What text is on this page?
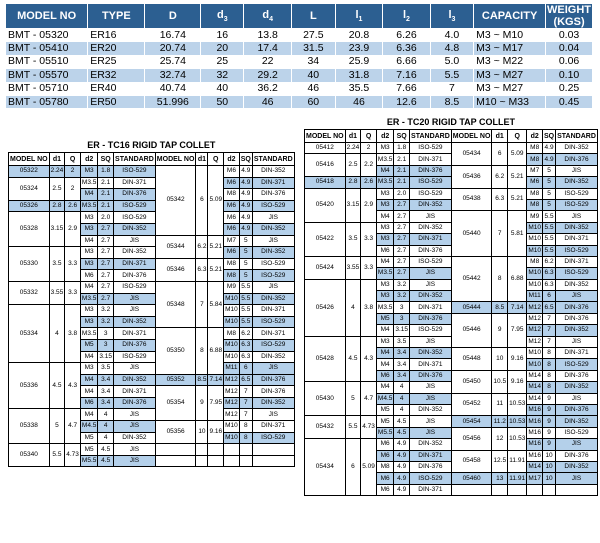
MODEL NO	TYPE	D	$d_3$	$d_4$	L	$l_1$	$l_2$	$l_3$	CAPACITY	WEIGHT (KGS)
BMT - 05320	ER16	16.74	16	13.8	27.5	20.8	6.26	4.0	M3 ~ M10	0.03
BMT - 05410	ER20	20.74	20	17.4	31.5	23.9	6.36	4.8	M3 ~ M17	0.04
BMT - 05510	ER25	25.74	25	22	34	25.9	6.66	5.0	M3 ~ M22	0.06
BMT - 05570	ER32	32.74	32	29.2	40	31.8	7.16	5.5	M3 ~ M27	0.10
BMT - 05710	ER40	40.74	40	36.2	46	35.5	7.66	7	M3 ~ M27	0.25
BMT - 05780	ER50	51.996	50	46	60	46	12.6	8.5	M10 ~ M33	0.45
ER - TC16 RIGID TAP COLLET
MODEL NO	d1	Q	d2	SQ	STANDARD	MODEL NO	d1	Q	d2	SQ	STANDARD
05322	2.24	2	M3	1.8	ISO-529	05342	6	5.09	M6	4.9	DIN-352
05324	2.5	2	M3.5	2.1	DIN-371				M6	4.9	DIN-371
			M4	2.1	DIN-376				M8	4.9	DIN-376
05326	2.8	2.6	M3.5	2.1	ISO-529				M6	4.9	ISO-529
05328	3.15	2.9	M3	2.0	ISO-529				M6	4.9	JIS
			M3	2.7	DIN-352				M6	4.9	DIN-352
			M4	2.7	JIS	05344	6.2	5.21	M7	5	JIS
05330	3.5	3.3	M3	2.7	DIN-352				M6	5	DIN-352
			M3	2.7	DIN-371	05346	6.3	5.21	M8	5	ISO-529
			M6	2.7	DIN-376				M8	5	ISO-529
05332	3.55	3.3	M4	2.7	ISO-529	05348	7	5.84	M9	5.5	JIS
			M3.5	2.7	JIS				M10	5.5	DIN-352
05334	4	3.8	M3	3.2	JIS				M10	5.5	DIN-371
			M3	3.2	DIN-352				M10	5.5	ISO-529
			M3.5	3	DIN-371	05350	8	6.88	M8	6.2	DIN-371
			M5	3	DIN-376				M10	6.3	ISO-529
			M4	3.15	ISO-529				M10	6.3	DIN-352
05336	4.5	4.3	M3	3.5	JIS				M11	6	JIS
			M4	3.4	DIN-352	05352	8.5	7.14	M12	6.5	DIN-376
			M4	3.4	DIN-371	05354	9	7.95	M12	7	DIN-376
			M6	3.4	DIN-376				M12	7	DIN-352
05338	5	4.7	M4	4	JIS				M12	7	JIS
			M4.5	4	JIS	05356	10	9.16	M10	8	DIN-371
			M5	4	DIN-352				M10	8	ISO-529
05340	5.5	4.73	M5	4.5	JIS						
			M5.5	4.5	JIS						
ER - TC20 RIGID TAP COLLET
MODEL NO	d1	Q	d2	SQ	STANDARD	MODEL NO	d1	Q	d2	SQ	STANDARD
05412	2.24	2	M3	1.8	ISO-529	05434	6	5.09	M8	4.9	DIN-352
05416	2.5	2.2	M3.5	2.1	DIN-371				M8	4.9	DIN-376
			M4	2.1	DIN-376	05436	6.2	5.21	M7	5	JIS
05418	2.8	2.6	M3.5	2.1	ISO-529				M6	5	DIN-352
05420	3.15	2.9	M3	2.0	ISO-529	05438	6.3	5.21	M8	5	ISO-529
			M3	2.7	DIN-352				M8	5	ISO-529
			M4	2.7	JIS	05440	7	5.81	M9	5.5	JIS
05422	3.5	3.3	M3	2.7	DIN-352				M10	5.5	DIN-352
			M3	2.7	DIN-371				M10	5.5	DIN-371
			M6	2.7	DIN-376				M10	5.5	ISO-529
05424	3.55	3.3	M4	2.7	ISO-529	05442	8	6.88	M8	6.2	DIN-371
			M3.5	2.7	JIS				M10	6.3	ISO-529
05426	4	3.8	M3	3.2	JIS				M10	6.3	DIN-352
			M3	3.2	DIN-352				M11	6	JIS
			M3.5	3	DIN-371	05444	8.5	7.14	M12	6.5	DIN-376
			M5	3	DIN-376	05446	9	7.95	M12	7	DIN-376
			M4	3.15	ISO-529				M12	7	DIN-352
05428	4.5	4.3	M3	3.5	JIS				M12	7	JIS
			M4	3.4	DIN-352	05448	10	9.16	M10	8	DIN-371
			M4	3.4	DIN-371				M10	8	ISO-529
			M6	3.4	DIN-376	05450	10.5	9.16	M14	8	DIN-376
05430	5	4.7	M4	4	JIS				M14	8	DIN-352
			M4.5	4	JIS	05452	11	10.53	M14	9	JIS
			M5	4	DIN-352				M16	9	DIN-376
05432	5.5	4.73	M5	4.5	JIS	05454	11.2	10.53	M16	9	DIN-352
			M5.5	4.5	JIS	05456	12	10.53	M16	9	ISO-529
05434	6	5.09	M6	4.9	DIN-352				M16	9	JIS
			M6	4.9	DIN-371	05458	12.5	11.91	M16	10	DIN-376
			M8	4.9	DIN-376				M14	10	DIN-352
			M6	4.9	ISO-529	05460	13	11.91	M17	10	JIS
			M6	4.9	DIN-371						
